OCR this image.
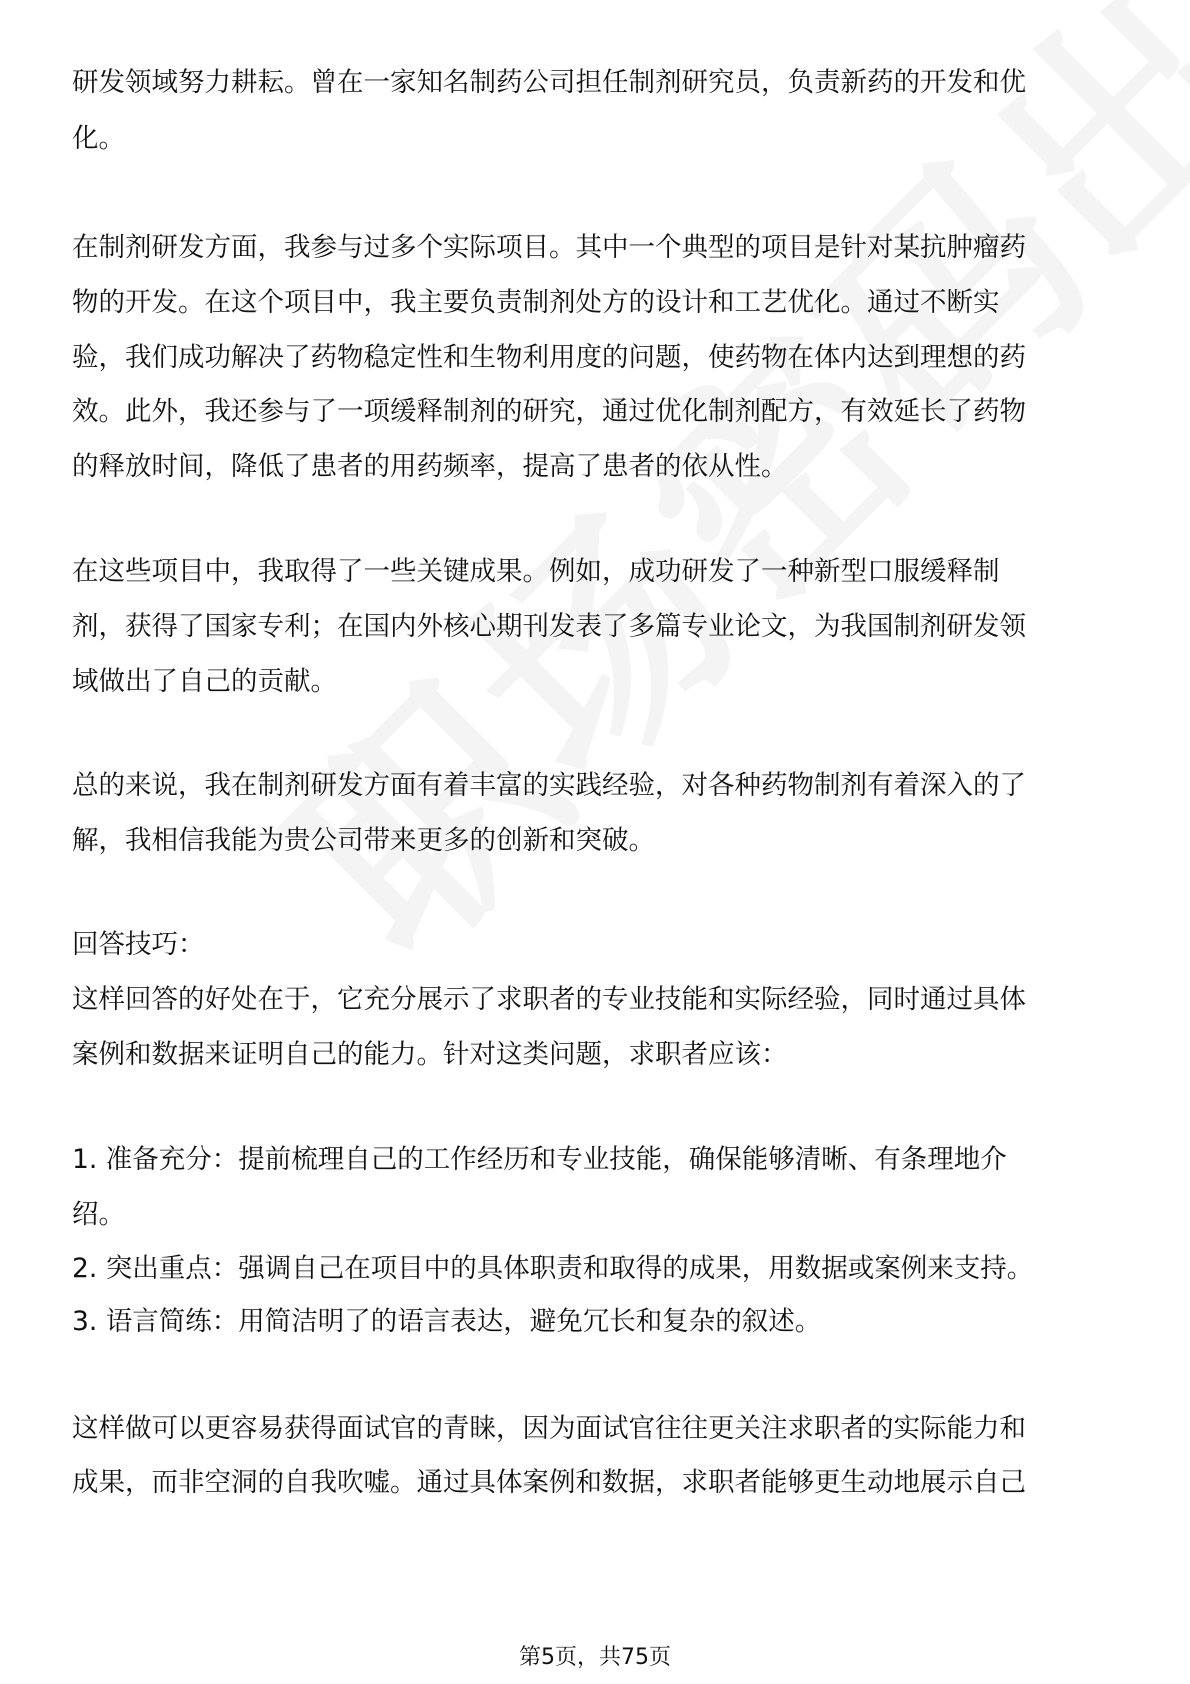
研发领域努力耕耘。曾在一家知名制药公司担任制剂研究员，负责新药的开发和优
化。
在制剂研发方面，我参与过多个实际项目。其中一个典型的项目是针对某抗肿瘤药
物的开发。在这个项目中，我主要负责制剂处方的设计和工艺优化。通过不断实
验，我们成功解决了药物稳定性和生物利用度的问题，使药物在体内达到理想的药
效。此外，我还参与了一项缓释制剂的研究，通过优化制剂配方，有效延长了药物
的释放时间，降低了患者的用药频率，提高了患者的依从性。
在这些项目中，我取得了一些关键成果。例如，成功研发了一种新型口服缓释制
剂，获得了国家专利；在国内外核心期刊发表了多篇专业论文，为我国制剂研发领
域做出了自己的贡献。
总的来说，我在制剂研发方面有着丰富的实践经验，对各种药物制剂有着深入的了
解，我相信我能为贵公司带来更多的创新和突破。
回答技巧：
这样回答的好处在于，它充分展示了求职者的专业技能和实际经验，同时通过具体
案例和数据来证明自己的能力。针对这类问题，求职者应该：
1. 准备充分：提前梳理自己的工作经历和专业技能，确保能够清晰、有条理地介
绍。
2. 突出重点：强调自己在项目中的具体职责和取得的成果，用数据或案例来支持。
3. 语言简练：用简洁明了的语言表达，避免冗长和复杂的叙述。
这样做可以更容易获得面试官的青睐，因为面试官往往更关注求职者的实际能力和
成果，而非空洞的自我吹嘘。通过具体案例和数据，求职者能够更生动地展示自己
第5页，共75页
